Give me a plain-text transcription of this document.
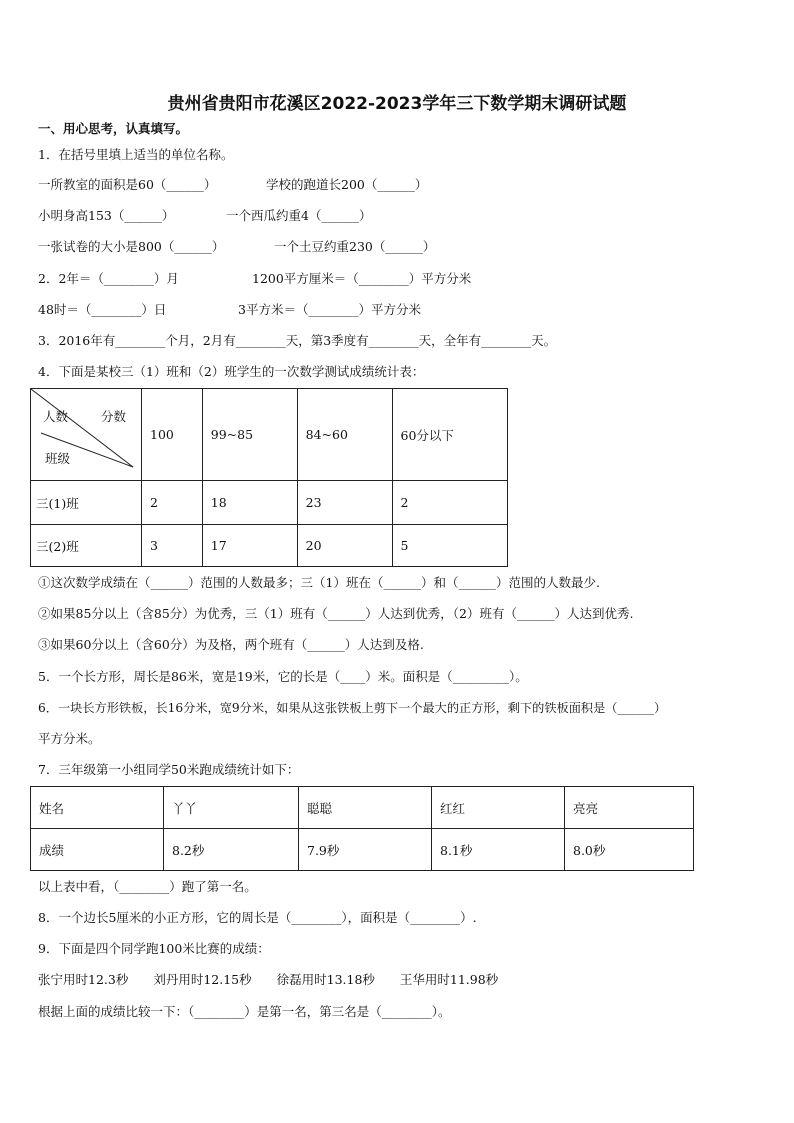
贵州省贵阳市花溪区2022-2023学年三下数学期末调研试题
一、用心思考，认真填写。
1．在括号里填上适当的单位名称。
一所教室的面积是60（______）	学校的跑道长200（______）
小明身高153（______）	一个西瓜约重4（______）
一张试卷的大小是800（______）	一个土豆约重230（______）
2．2年＝（________）月	1200平方厘米＝（________）平方分米
48时＝（________）日	3平方米＝（________）平方分米
3．2016年有________个月，2月有________天，第3季度有________天，全年有________天。
4．下面是某校三（1）班和（2）班学生的一次数学测试成绩统计表：
人数 分数
班级	100	99~85	84~60	60分以下
三(1)班	2	18	23	2
三(2)班	3	17	20	5
①这次数学成绩在（______）范围的人数最多；三（1）班在（______）和（______）范围的人数最少.
②如果85分以上（含85分）为优秀，三（1）班有（______）人达到优秀，（2）班有（______）人达到优秀.
③如果60分以上（含60分）为及格，两个班有（______）人达到及格.
5．一个长方形，周长是86米，宽是19米，它的长是（____）米。面积是（_________）。
6．一块长方形铁板，长16分米，宽9分米，如果从这张铁板上剪下一个最大的正方形，剩下的铁板面积是（______）
平方分米。
7．三年级第一小组同学50米跑成绩统计如下：
姓名	丫丫	聪聪	红红	亮亮
成绩	8.2秒	7.9秒	8.1秒	8.0秒
以上表中看，（________）跑了第一名。
8．一个边长5厘米的小正方形，它的周长是（________），面积是（________）.
9．下面是四个同学跑100米比赛的成绩：
张宁用时12.3秒　　刘丹用时12.15秒　　徐磊用时13.18秒　　王华用时11.98秒
根据上面的成绩比较一下：（________）是第一名，第三名是（________）。
